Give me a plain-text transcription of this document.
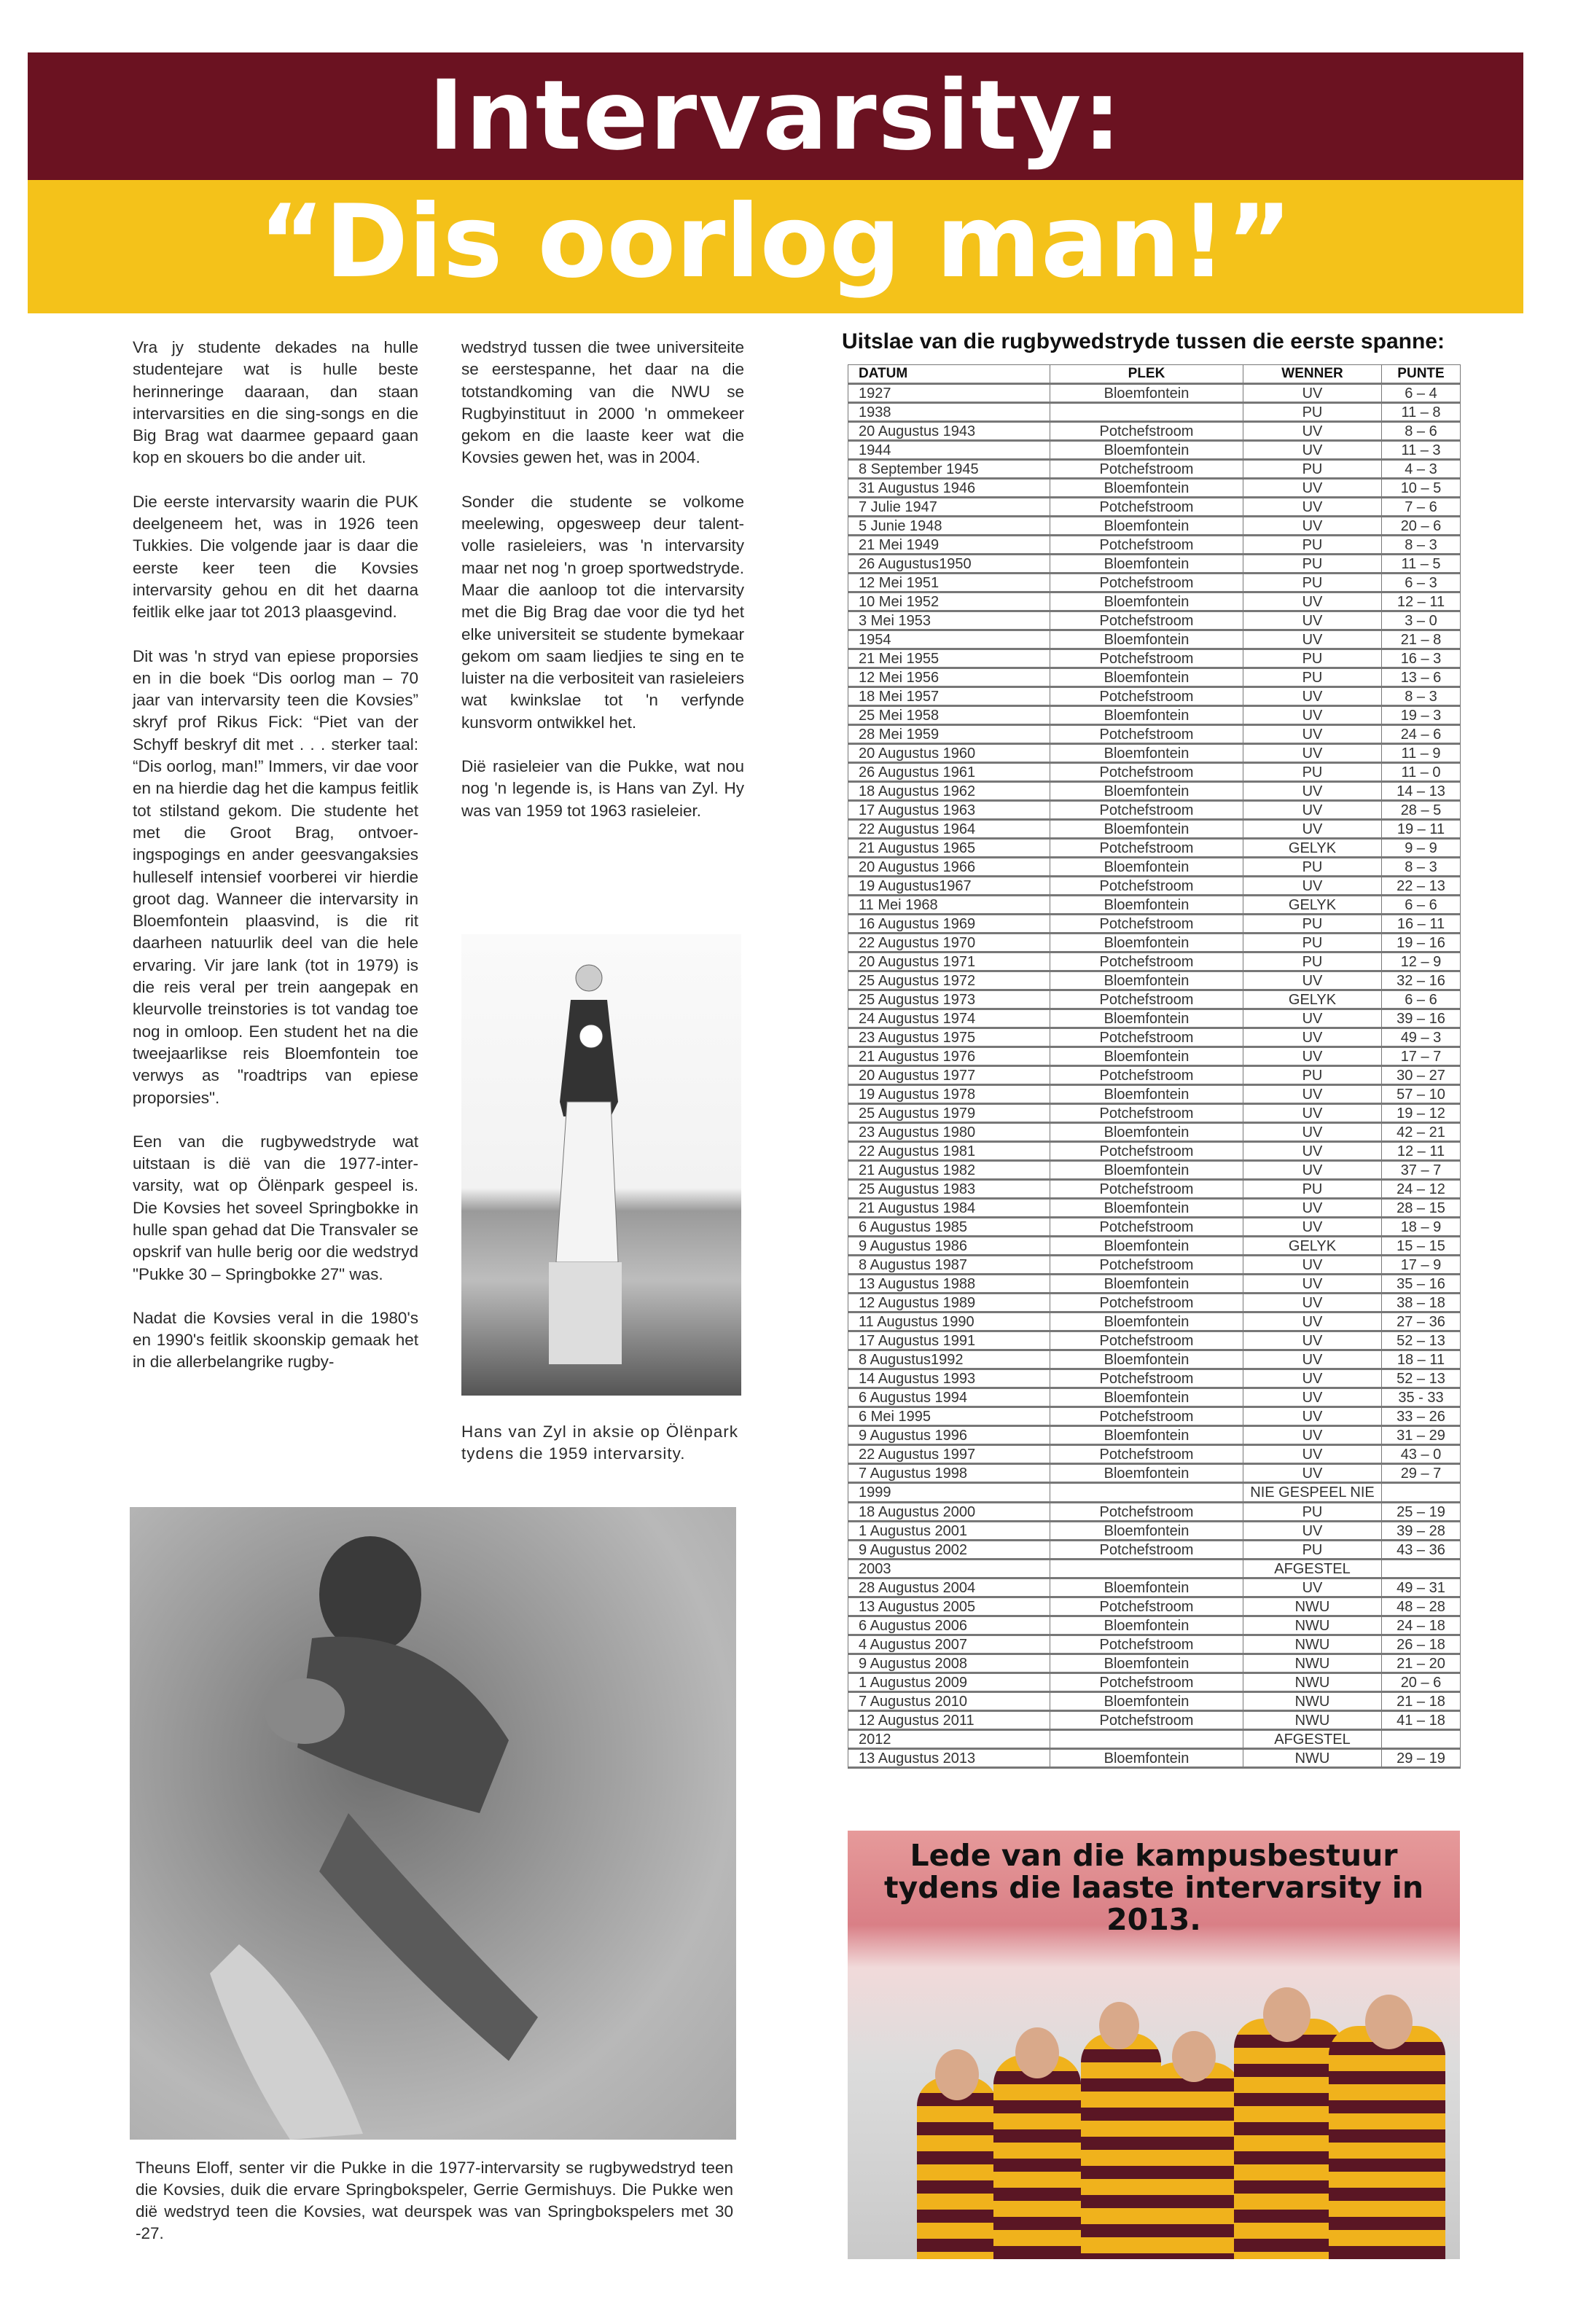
Intervarsity:
“Dis oorlog man!”

Vra jy studente dekades na hulle studentejare wat is hulle beste herinneringe daaraan, dan staan intervarsities en die sing-songs en die Big Brag wat daarmee gepaard gaan kop en skouers bo die ander uit.

Die eerste intervarsity waarin die PUK deelgeneem het, was in 1926 teen Tukkies. Die volgende jaar is daar die eerste keer teen die Kovsies intervarsity gehou en dit het daarna feitlik elke jaar tot 2013 plaasgevind.

Dit was 'n stryd van epiese proporsies en in die boek “Dis oorlog man – 70 jaar van intervarsity teen die Kovsies” skryf prof Rikus Fick: “Piet van der Schyff beskryf dit met . . . sterker taal: “Dis oorlog, man!” Immers, vir dae voor en na hierdie dag het die kampus feitlik tot stilstand gekom. Die studente het met die Groot Brag, ontvoeringspogings en ander geesvangaksies hulleself intensief voorberei vir hierdie groot dag. Wanneer die intervarsity in Bloemfontein plaasvind, is die rit daarheen natuurlik deel van die hele ervaring. Vir jare lank (tot in 1979) is die reis veral per trein aangepak en kleurvolle treinstories is tot vandag toe nog in omloop. Een student het na die tweejaarlikse reis Bloemfontein toe verwys as "roadtrips van epiese proporsies".

Een van die rugbywedstryde wat uitstaan is dië van die 1977-intervarsity, wat op Ölënpark gespeel is. Die Kovsies het soveel Springbokke in hulle span gehad dat Die Transvaler se opskrif van hulle berig oor die wedstryd "Pukke 30 – Springbokke 27" was.

Nadat die Kovsies veral in die 1980's en 1990's feitlik skoonskip gemaak het in die allerbelangrike rugby-

wedstryd tussen die twee universiteite se eerstespanne, het daar na die totstandkoming van die NWU se Rugbyinstituut in 2000 'n ommekeer gekom en die laaste keer wat die Kovsies gewen het, was in 2004.

Sonder die studente se volkome meelewing, opgesweep deur talentvolle rasieleiers, was 'n intervarsity maar net nog 'n groep sportwedstryde. Maar die aanloop tot die intervarsity met die Big Brag dae voor die tyd het elke universiteit se studente bymekaar gekom om saam liedjies te sing en te luister na die verbositeit van rasieleiers wat kwinkslae tot 'n verfynde kunsvorm ontwikkel het.

Dië rasieleier van die Pukke, wat nou nog 'n legende is, is Hans van Zyl. Hy was van 1959 tot 1963 rasieleier.

Hans van Zyl in aksie op Ölënpark tydens die 1959 intervarsity.
Theuns Eloff, senter vir die Pukke in die 1977-intervarsity se rugbywedstryd teen die Kovsies, duik die ervare Springbokspeler, Gerrie Germishuys. Die Pukke wen dië wedstryd teen die Kovsies, wat deurspek was van Springbokspelers met 30 -27.
Uitslae van die rugbywedstryde tussen die eerste spanne:
DATUM	PLEK	WENNER	PUNTE
1927	Bloemfontein	UV	6 – 4
1938		PU	11 – 8
20 Augustus 1943	Potchefstroom	UV	8 – 6
1944	Bloemfontein	UV	11 – 3
8 September 1945	Potchefstroom	PU	4 – 3
31 Augustus 1946	Bloemfontein	UV	10 – 5
7 Julie 1947	Potchefstroom	UV	7 – 6
5 Junie 1948	Bloemfontein	UV	20 – 6
21 Mei 1949	Potchefstroom	PU	8 – 3
26 Augustus1950	Bloemfontein	PU	11 – 5
12 Mei 1951	Potchefstroom	PU	6 – 3
10 Mei 1952	Bloemfontein	UV	12 – 11
3 Mei 1953	Potchefstroom	UV	3 – 0
1954	Bloemfontein	UV	21 – 8
21 Mei 1955	Potchefstroom	PU	16 – 3
12 Mei 1956	Bloemfontein	PU	13 – 6
18 Mei 1957	Potchefstroom	UV	8 – 3
25 Mei 1958	Bloemfontein	UV	19 – 3
28 Mei 1959	Potchefstroom	UV	24 – 6
20 Augustus 1960	Bloemfontein	UV	11 – 9
26 Augustus 1961	Potchefstroom	PU	11 – 0
18 Augustus 1962	Bloemfontein	UV	14 – 13
17 Augustus 1963	Potchefstroom	UV	28 – 5
22 Augustus 1964	Bloemfontein	UV	19 – 11
21 Augustus 1965	Potchefstroom	GELYK	9 – 9
20 Augustus 1966	Bloemfontein	PU	8 – 3
19 Augustus1967	Potchefstroom	UV	22 – 13
11 Mei 1968	Bloemfontein	GELYK	6 – 6
16 Augustus 1969	Potchefstroom	PU	16 – 11
22 Augustus 1970	Bloemfontein	PU	19 – 16
20 Augustus 1971	Potchefstroom	PU	12 – 9
25 Augustus 1972	Bloemfontein	UV	32 – 16
25 Augustus 1973	Potchefstroom	GELYK	6 – 6
24 Augustus 1974	Bloemfontein	UV	39 – 16
23 Augustus 1975	Potchefstroom	UV	49 – 3
21 Augustus 1976	Bloemfontein	UV	17 – 7
20 Augustus 1977	Potchefstroom	PU	30 – 27
19 Augustus 1978	Bloemfontein	UV	57 – 10
25 Augustus 1979	Potchefstroom	UV	19 – 12
23 Augustus 1980	Bloemfontein	UV	42 – 21
22 Augustus 1981	Potchefstroom	UV	12 – 11
21 Augustus 1982	Bloemfontein	UV	37 – 7
25 Augustus 1983	Potchefstroom	PU	24 – 12
21 Augustus 1984	Bloemfontein	UV	28 – 15
6 Augustus 1985	Potchefstroom	UV	18 – 9
9 Augustus 1986	Bloemfontein	GELYK	15 – 15
8 Augustus 1987	Potchefstroom	UV	17 – 9
13 Augustus 1988	Bloemfontein	UV	35 – 16
12 Augustus 1989	Potchefstroom	UV	38 – 18
11 Augustus 1990	Bloemfontein	UV	27 – 36
17 Augustus 1991	Potchefstroom	UV	52 – 13
8 Augustus1992	Bloemfontein	UV	18 – 11
14 Augustus 1993	Potchefstroom	UV	52 – 13
6 Augustus 1994	Bloemfontein	UV	35 - 33
6 Mei 1995	Potchefstroom	UV	33 – 26
9 Augustus 1996	Bloemfontein	UV	31 – 29
22 Augustus 1997	Potchefstroom	UV	43 – 0
7 Augustus 1998	Bloemfontein	UV	29 – 7
1999		NIE GESPEEL NIE	
18 Augustus 2000	Potchefstroom	PU	25 – 19
1 Augustus 2001	Bloemfontein	UV	39 – 28
9 Augustus 2002	Potchefstroom	PU	43 – 36
2003		AFGESTEL	
28 Augustus 2004	Bloemfontein	UV	49 – 31
13 Augustus 2005	Potchefstroom	NWU	48 – 28
6 Augustus 2006	Bloemfontein	NWU	24 – 18
4 Augustus 2007	Potchefstroom	NWU	26 – 18
9 Augustus 2008	Bloemfontein	NWU	21 – 20
1 Augustus 2009	Potchefstroom	NWU	20 – 6
7 Augustus 2010	Bloemfontein	NWU	21 – 18
12 Augustus 2011	Potchefstroom	NWU	41 – 18
2012		AFGESTEL	
13 Augustus 2013	Bloemfontein	NWU	29 – 19
Lede van die kampusbestuur tydens die laaste intervarsity in 2013.
